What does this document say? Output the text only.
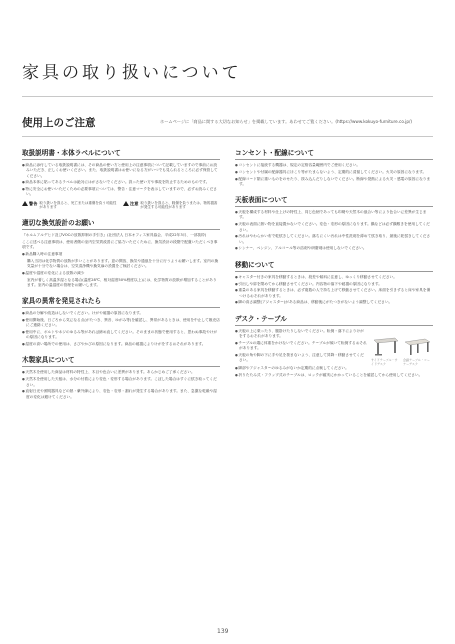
家具の取り扱いについて
使用上のご注意	ホームページに「商品に関する大切なお知らせ」を掲載しています。あわせてご覧ください。(https://www.kokuyo-furniture.co.jp/)
取扱説明書・本体ラベルについて

● 商品に添付している取扱説明書には、その商品の使い方と使用上の注意事項について記載していますので事前にお読みいただき、正しくお使いください。また、取扱説明書はお使いになる方がいつでも見られるところに必ず保管してください。

● 商品本体に貼ってあるラベルは絶対にはがさないでください。誤った使い方や事故を防止するためのものです。

● 特に安全にお使いいただくための必要事項については、警告・注意マークを表示していますので、必ずお読みください。

警告 取り扱いを誤ると、死亡または重傷を負う可能性があります
注意 取り扱いを誤ると、軽傷を負うまたは、物的損害が発生する可能性があります
適切な換気設計のお願い

『ホルムアルデヒド及びVOCの放散抑制の手引き』(社団法人 日本オフィス家具協会、平成22年3月、一部抜粋)

ここに述べる注意事項は、使用者側の室内空気質改善にご協力いただくために、換気設計の段階で配慮いただくべき事項です。

● 新品購入時の注意事項

購入当初は化学物質の放散が多いことがあります。窓の開放、換気や通風を十分に行うようお願いします。室内の換気量が十分でない場合は、空気清浄機や換気扇の設置をご検討ください。

● 温度や湿度の変化による放散の減少

室内が著しく高温多湿となる場合(温度28℃、相対湿度50%程度以上)には、化学物質の放散が増加することがあります。室内の温湿度の管理をお願いします。

家具の異常を発見されたら

● 商品の分解や改造はしないでください。けがや破損の原因になります。

● 使用開始後、日ごろから気になる点(がたつき、異音、ゆがみ等)を確認し、異常があるときは、使用を中止して販売店にご連絡ください。

● 使用中に、ボルトやネジのゆるみ等があれば締め直してください。そのままの状態で使用すると、思わぬ事故やけがの原因になります。

● 湿度の高い場所での使用は、さびやかびの原因になります。商品の破損によりけがをするおそれがあります。

木製家具について

● 天然木を使用した商品は材料の特性上、木目や色合いに差異があります。あらかじめご了承ください。

● 天然木を使用した天板は、水分の付着により変色・変形する場合があります。こぼした場合はすぐに拭き取ってください。

● 直射日光や照明器具などの熱・紫外線により、変色・変形・割れが発生する場合があります。また、急激な乾燥や湿度の変化は避けてください。

コンセント・配線について

● コンセントに接続する機器は、規定の定格容量範囲内でご使用ください。

● コンセントや付属の配線器具にほこり等がたまらないよう、定期的に清掃してください。火災の原因になります。

● 配線コード類に重いものをのせたり、挟み込んだりしないでください。断線や発熱による火災・感電の原因になります。

天板表面について

● 天板を構成する材料や仕上げの特性上、同じ色柄であっても印刷や天然木の風合い等により色合いに差異が生じます。

● 天板の表面に熱い物を直接置かないでください。変色・変形の原因になります。鍋などは必ず鍋敷きを使用してください。

● 汚れはやわらかい布で乾拭きしてください。落ちにくい汚れは中性洗剤を薄めて拭き取り、最後に乾拭きしてください。

● シンナー、ベンジン、アルコール等の溶剤や研磨剤は使用しないでください。

移動について

● キャスター付きの家具を移動するときは、段差や傾斜に注意し、ゆっくり移動させてください。

● 引出しや扉を閉めてから移動させてください。内容物の落下や破損の原因になります。

● 重量のある家具を移動するときは、必ず複数の人で持ち上げて移動させてください。床面を引きずると床や家具を傷つけるおそれがあります。

● 脚の高さ調整(アジャスター)がある商品は、移動後にがたつきがないよう調整してください。

デスク・テーブル

● 天板の上に乗ったり、腰掛けたりしないでください。転倒・落下によりけがをするおそれがあります。

● テーブルの端に体重をかけないでください。テーブルが傾いて転倒するおそれがあります。

● 天板の角や脚の下に手や足を挟まないよう、注意して昇降・移動させてください。	サイドテーブル・サイドデスク
会議テーブル・コーナーデスク

● 脚部やアジャスターのゆるみがないか定期的に点検してください。

● 折りたたみ式・フラップ式のテーブルは、ロックが確実にかかっていることを確認してから使用してください。

139
